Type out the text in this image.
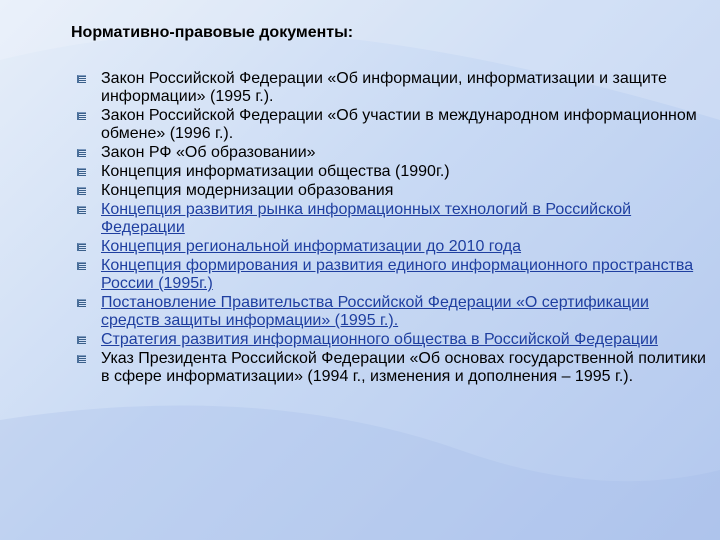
Нормативно-правовые документы:
Закон Российской Федерации «Об информации, информатизации и защите информации» (1995 г.).
Закон Российской Федерации «Об участии в международном информационном обмене» (1996 г.).
Закон РФ «Об образовании»
Концепция информатизации общества (1990г.)
Концепция модернизации образования
Концепция развития рынка информационных технологий в Российской Федерации
Концепция региональной информатизации до 2010 года
Концепция формирования и развития единого информационного пространства России (1995г.)
Постановление Правительства Российской Федерации «О сертификации средств защиты информации» (1995 г.).
Стратегия развития информационного общества в Российской Федерации
Указ Президента Российской Федерации «Об основах государственной политики в сфере информатизации» (1994 г., изменения и дополнения – 1995 г.).
